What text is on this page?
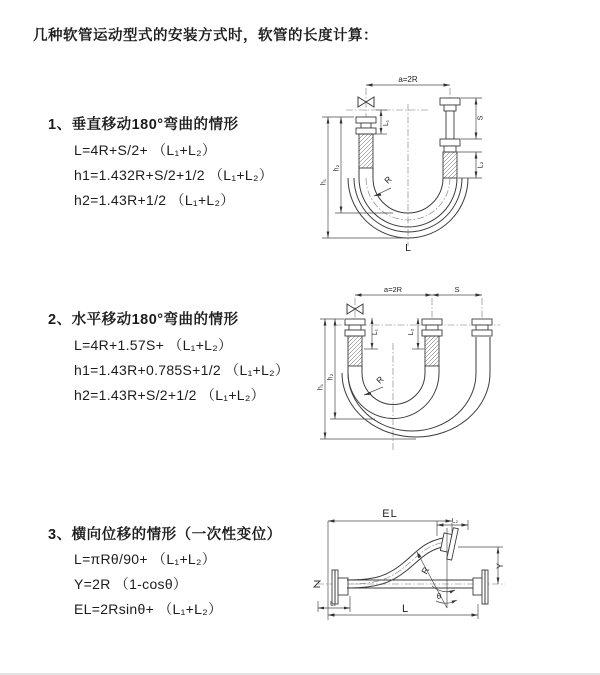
几种软管运动型式的安装方式时，软管的长度计算：
1、垂直移动180°弯曲的情形
L=4R+S/2+ （L₁+L₂）
h1=1.432R+S/2+1/2 （L₁+L₂）
h2=1.43R+1/2 （L₁+L₂）
2、水平移动180°弯曲的情形
L=4R+1.57S+ （L₁+L₂）
h1=1.43R+0.785S+1/2 （L₁+L₂）
h2=1.43R+S/2+1/2 （L₁+L₂）
3、横向位移的情形（一次性变位）
L=πRθ/90+ （L₁+L₂）
Y=2R （1-cosθ）
EL=2Rsinθ+ （L₁+L₂）
a=2R
L₁
S
L₂
h₁
h₂
R
L
a=2R	S
L₁	L₂
h₁
h₂	R
EL
L₂
Y
R
θ
L
L₁
